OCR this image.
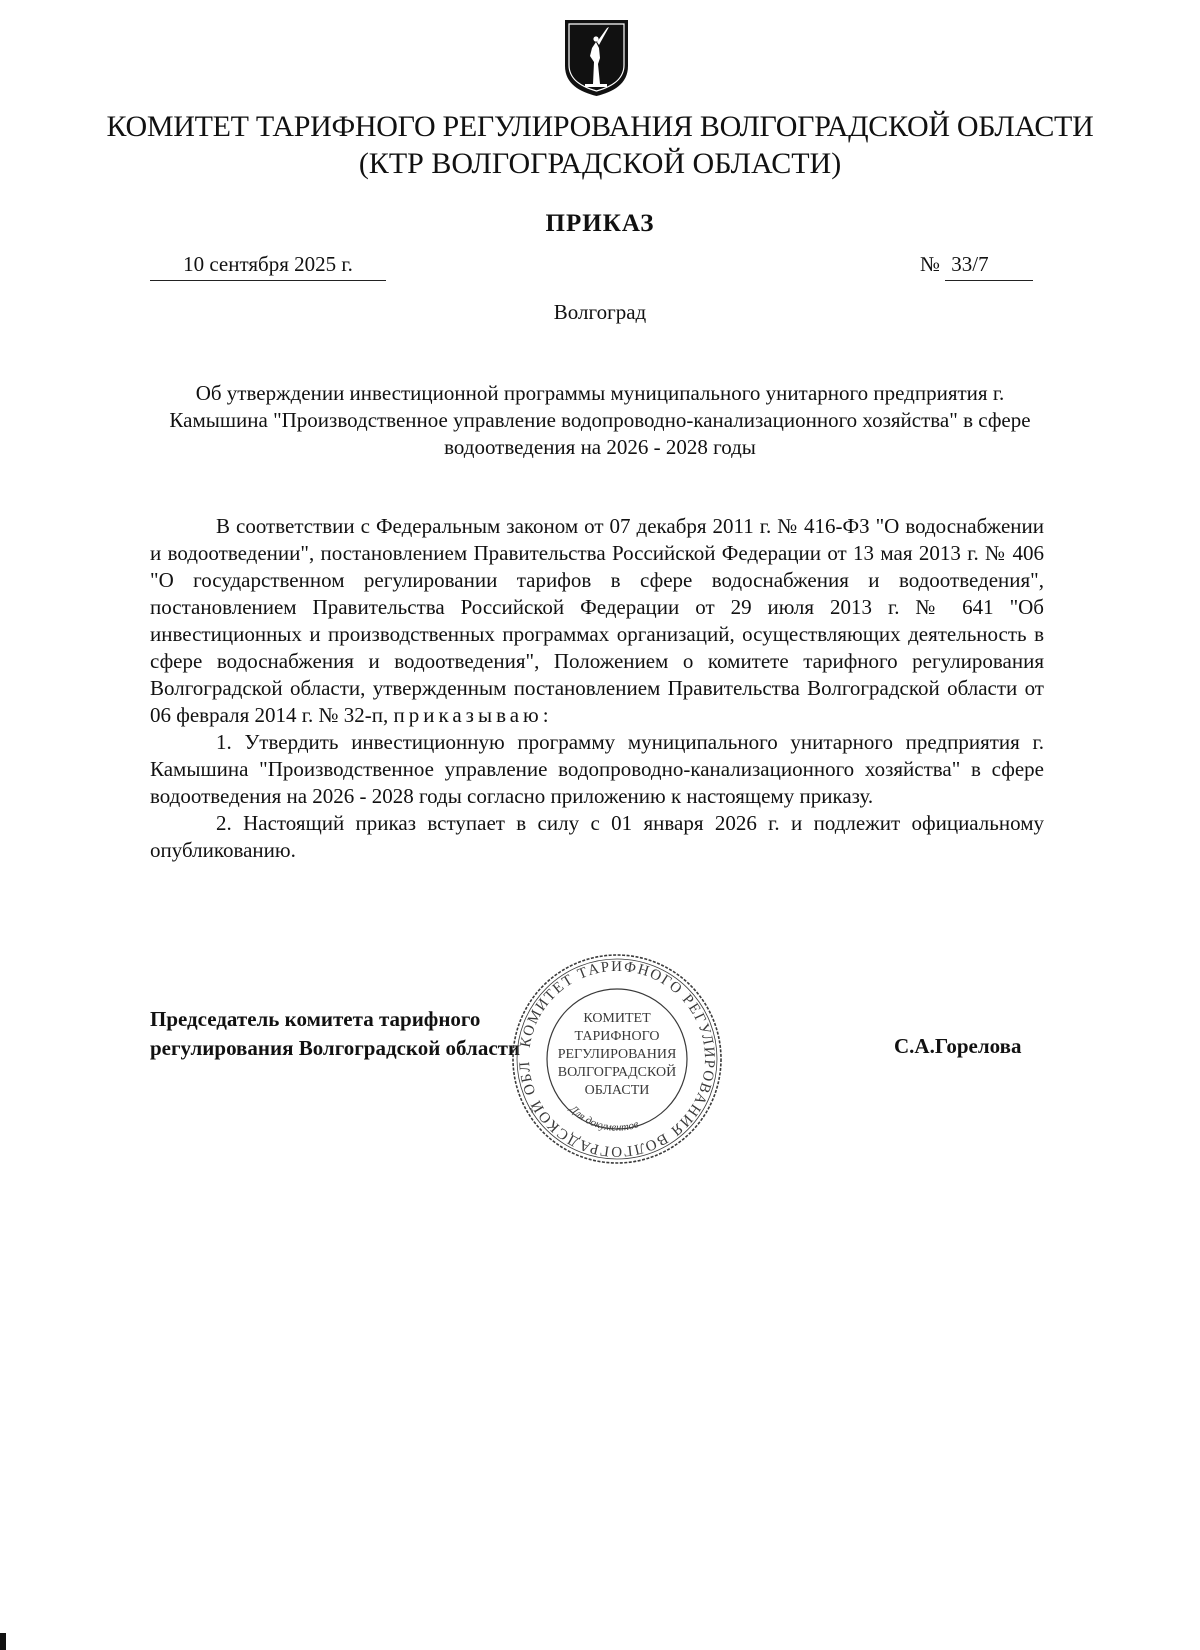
КОМИТЕТ ТАРИФНОГО РЕГУЛИРОВАНИЯ ВОЛГОГРАДСКОЙ ОБЛАСТИ
(КТР ВОЛГОГРАДСКОЙ ОБЛАСТИ)
ПРИКАЗ
10 сентября 2025 г.	№ 33/7
Волгоград
Об утверждении инвестиционной программы муниципального унитарного предприятия г. Камышина "Производственное управление водопроводно-канализационного хозяйства" в сфере водоотведения на 2026 - 2028 годы

В соответствии с Федеральным законом от 07 декабря 2011 г. № 416-ФЗ "О водоснабжении и водоотведении", постановлением Правительства Российской Федерации от 13 мая 2013 г. № 406 "О государственном регулировании тарифов в сфере водоснабжения и водоотведения", постановлением Правительства Российской Федерации от 29 июля 2013 г. № 641 "Об инвестиционных и производственных программах организаций, осуществляющих деятельность в сфере водоснабжения и водоотведения", Положением о комитете тарифного регулирования Волгоградской области, утвержденным постановлением Правительства Волгоградской области от 06 февраля 2014 г. № 32-п, приказываю:

1. Утвердить инвестиционную программу муниципального унитарного предприятия г. Камышина "Производственное управление водопроводно-канализационного хозяйства" в сфере водоотведения на 2026 - 2028 годы согласно приложению к настоящему приказу.

2. Настоящий приказ вступает в силу с 01 января 2026 г. и подлежит официальному опубликованию.

Председатель комитета тарифного
регулирования Волгоградской области	С.А.Горелова
КОМИТЕТ ТАРИФНОГО РЕГУЛИРОВАНИЯ ВОЛГОГРАДСКОЙ ОБЛАСТИ •
КОМИТЕТ
ТАРИФНОГО
РЕГУЛИРОВАНИЯ
ВОЛГОГРАДСКОЙ
ОБЛАСТИ
Для документов
